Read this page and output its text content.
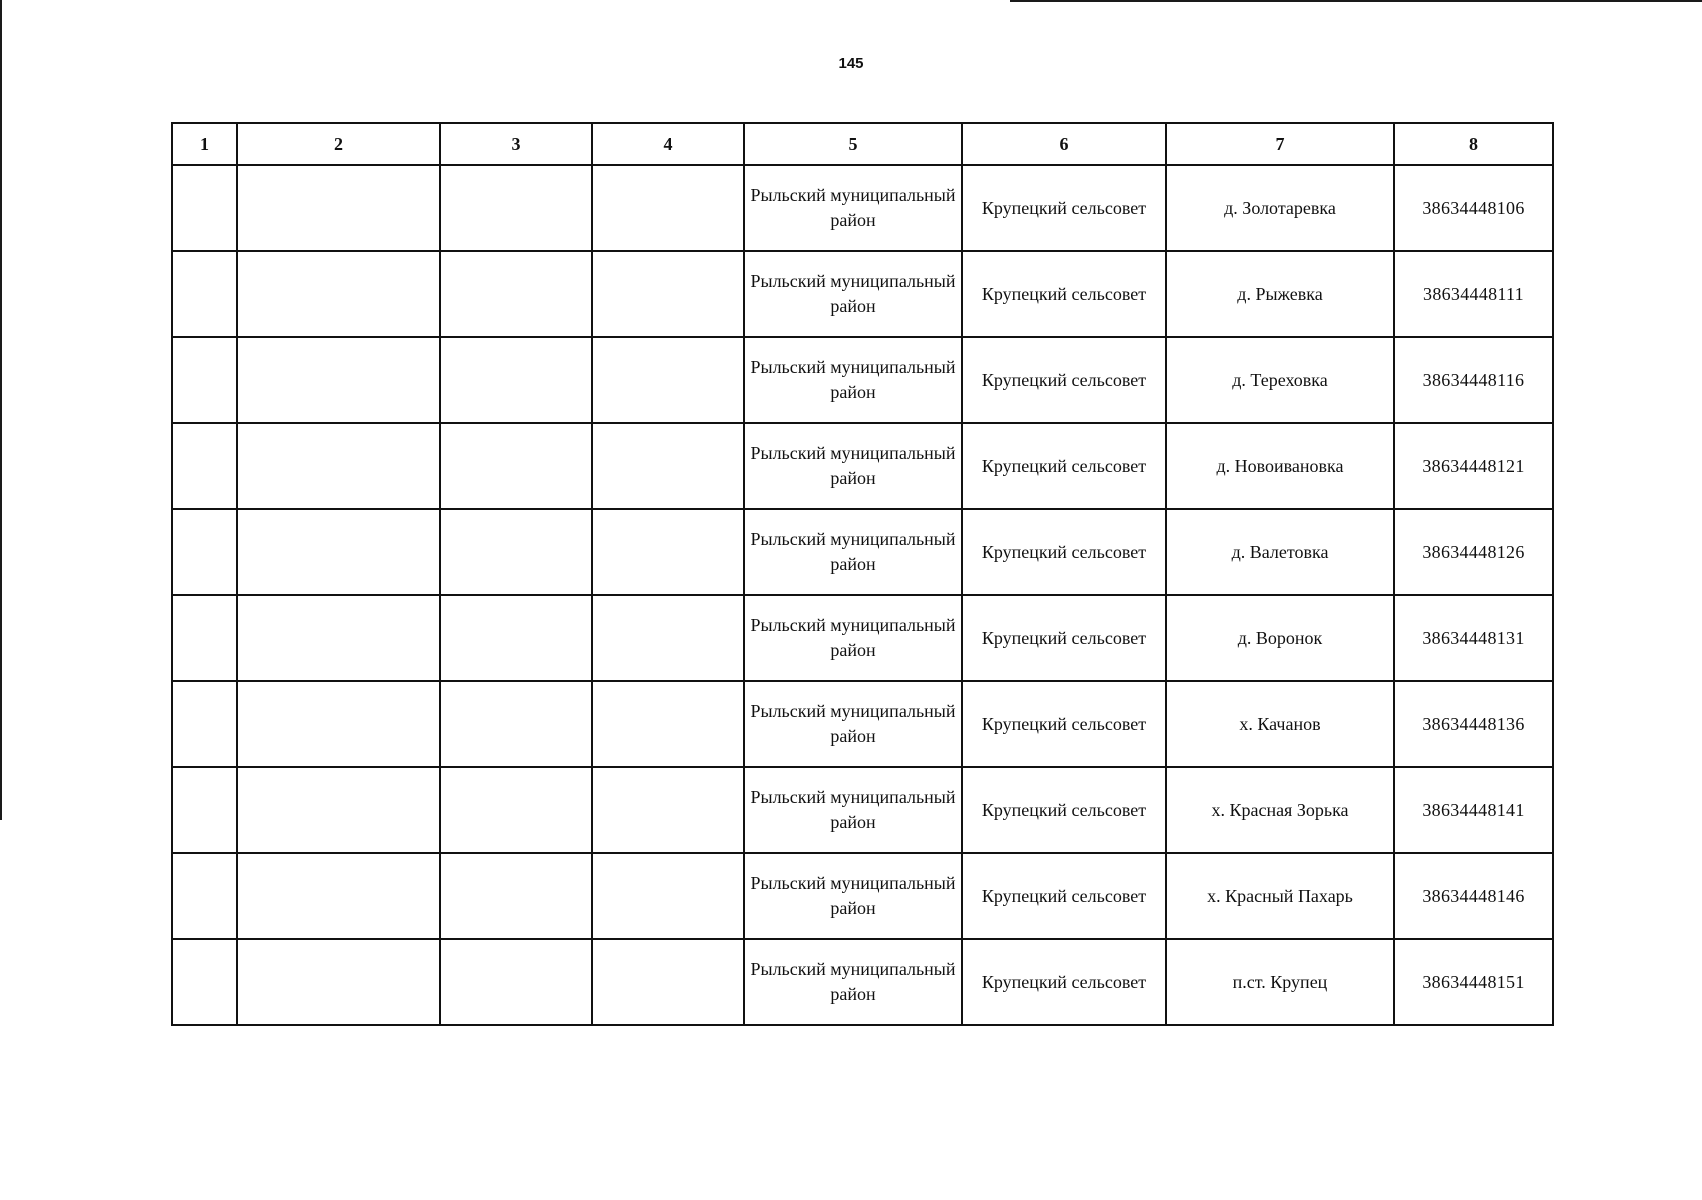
145
1	2	3	4	5	6	7	8
				Рыльский муниципальный район	Крупецкий сельсовет	д. Золотаревка	38634448106
				Рыльский муниципальный район	Крупецкий сельсовет	д. Рыжевка	38634448111
				Рыльский муниципальный район	Крупецкий сельсовет	д. Тереховка	38634448116
				Рыльский муниципальный район	Крупецкий сельсовет	д. Новоивановка	38634448121
				Рыльский муниципальный район	Крупецкий сельсовет	д. Валетовка	38634448126
				Рыльский муниципальный район	Крупецкий сельсовет	д. Воронок	38634448131
				Рыльский муниципальный район	Крупецкий сельсовет	х. Качанов	38634448136
				Рыльский муниципальный район	Крупецкий сельсовет	х. Красная Зорька	38634448141
				Рыльский муниципальный район	Крупецкий сельсовет	х. Красный Пахарь	38634448146
				Рыльский муниципальный район	Крупецкий сельсовет	п.ст. Крупец	38634448151
